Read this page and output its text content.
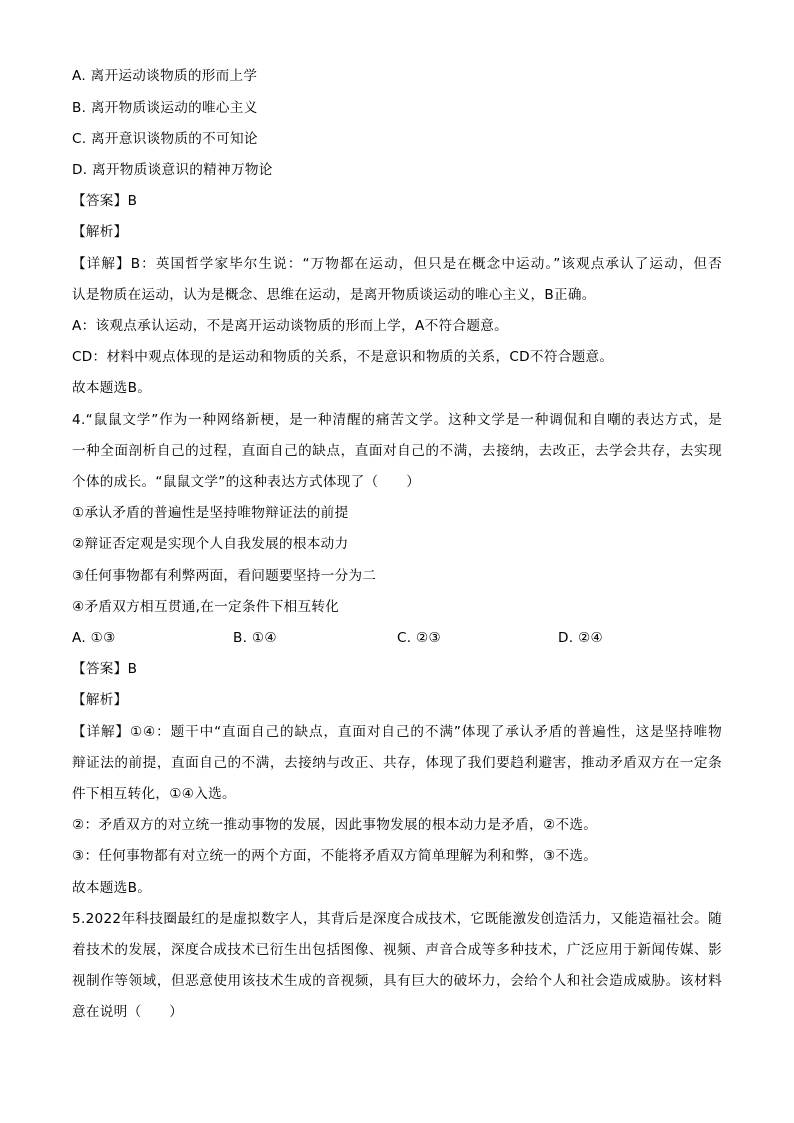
A. 离开运动谈物质的形而上学
B. 离开物质谈运动的唯心主义
C. 离开意识谈物质的不可知论
D. 离开物质谈意识的精神万物论
【答案】B
【解析】
【详解】B：英国哲学家毕尔生说：“万物都在运动，但只是在概念中运动。”该观点承认了运动，但否
认是物质在运动，认为是概念、思维在运动，是离开物质谈运动的唯心主义，B正确。
A：该观点承认运动，不是离开运动谈物质的形而上学，A不符合题意。
CD：材料中观点体现的是运动和物质的关系，不是意识和物质的关系，CD不符合题意。
故本题选B。
4.“鼠鼠文学”作为一种网络新梗，是一种清醒的痛苦文学。这种文学是一种调侃和自嘲的表达方式，是
一种全面剖析自己的过程，直面自己的缺点，直面对自己的不满，去接纳，去改正，去学会共存，去实现
个体的成长。“鼠鼠文学”的这种表达方式体现了（　　）
①承认矛盾的普遍性是坚持唯物辩证法的前提
②辩证否定观是实现个人自我发展的根本动力
③任何事物都有利弊两面，看问题要坚持一分为二
④矛盾双方相互贯通,在一定条件下相互转化
A. ①③	B. ①④	C. ②③	D. ②④
【答案】B
【解析】
【详解】①④：题干中“直面自己的缺点，直面对自己的不满”体现了承认矛盾的普遍性，这是坚持唯物
辩证法的前提，直面自己的不满，去接纳与改正、共存，体现了我们要趋利避害，推动矛盾双方在一定条
件下相互转化，①④入选。
②：矛盾双方的对立统一推动事物的发展，因此事物发展的根本动力是矛盾，②不选。
③：任何事物都有对立统一的两个方面，不能将矛盾双方简单理解为利和弊，③不选。
故本题选B。
5.2022年科技圈最红的是虚拟数字人，其背后是深度合成技术，它既能激发创造活力，又能造福社会。随
着技术的发展，深度合成技术已衍生出包括图像、视频、声音合成等多种技术，广泛应用于新闻传媒、影
视制作等领域，但恶意使用该技术生成的音视频，具有巨大的破坏力，会给个人和社会造成威胁。该材料
意在说明（　　）
